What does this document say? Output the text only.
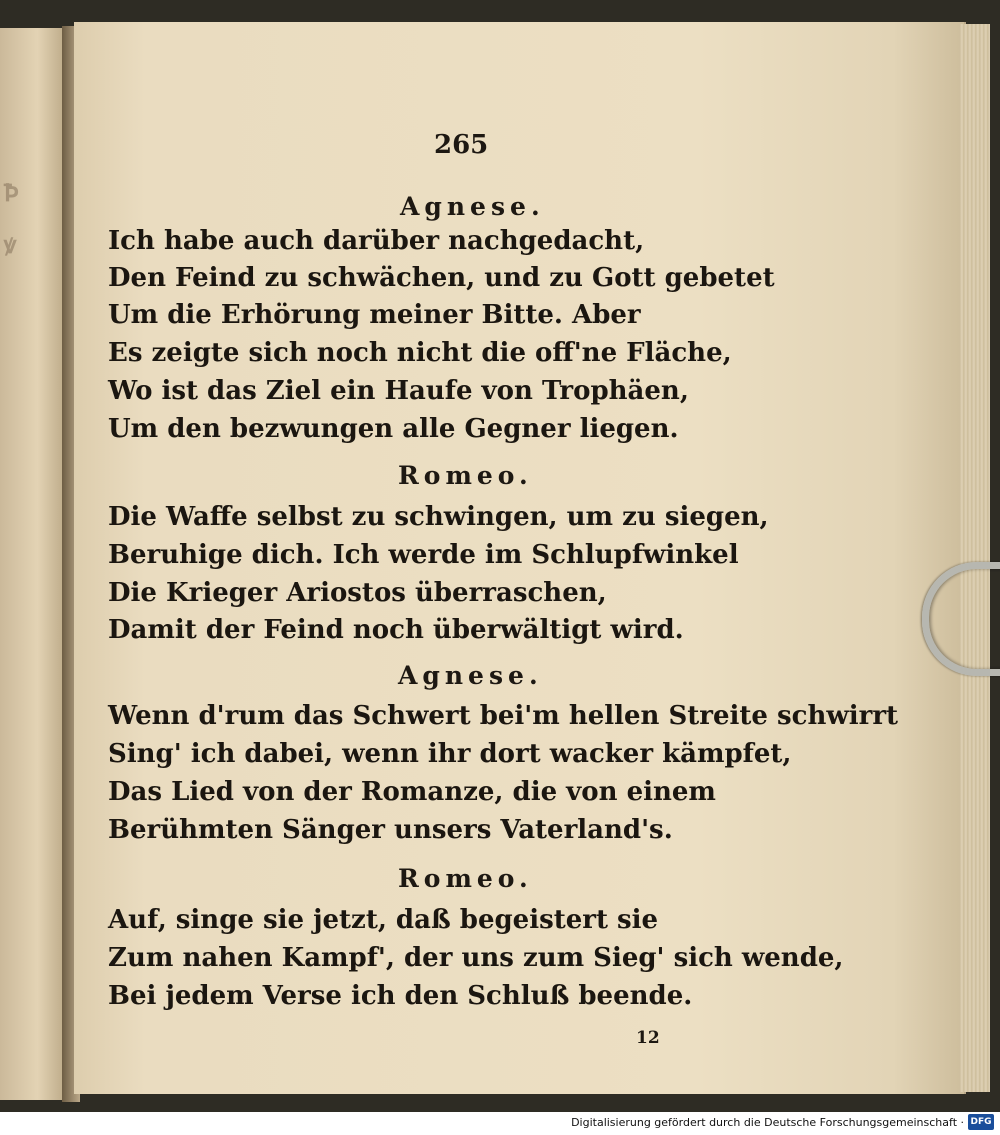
Ꝥ
ꝟ
265
Agnese.
Ich habe auch darüber nachgedacht,
Den Feind zu schwächen, und zu Gott gebetet
Um die Erhörung meiner Bitte. Aber
Es zeigte sich noch nicht die off'ne Fläche,
Wo ist das Ziel ein Haufe von Trophäen,
Um den bezwungen alle Gegner liegen.
Romeo.
Die Waffe selbst zu schwingen, um zu siegen,
Beruhige dich. Ich werde im Schlupfwinkel
Die Krieger Ariostos überraschen,
Damit der Feind noch überwältigt wird.
Agnese.
Wenn d'rum das Schwert bei'm hellen Streite schwirrt
Sing' ich dabei, wenn ihr dort wacker kämpfet,
Das Lied von der Romanze, die von einem
Berühmten Sänger unsers Vaterland's.
Romeo.
Auf, singe sie jetzt, daß begeistert sie
Zum nahen Kampf', der uns zum Sieg' sich wende,
Bei jedem Verse ich den Schluß beende.
12
Digitalisierung gefördert durch die Deutsche Forschungsgemeinschaft · DFG
